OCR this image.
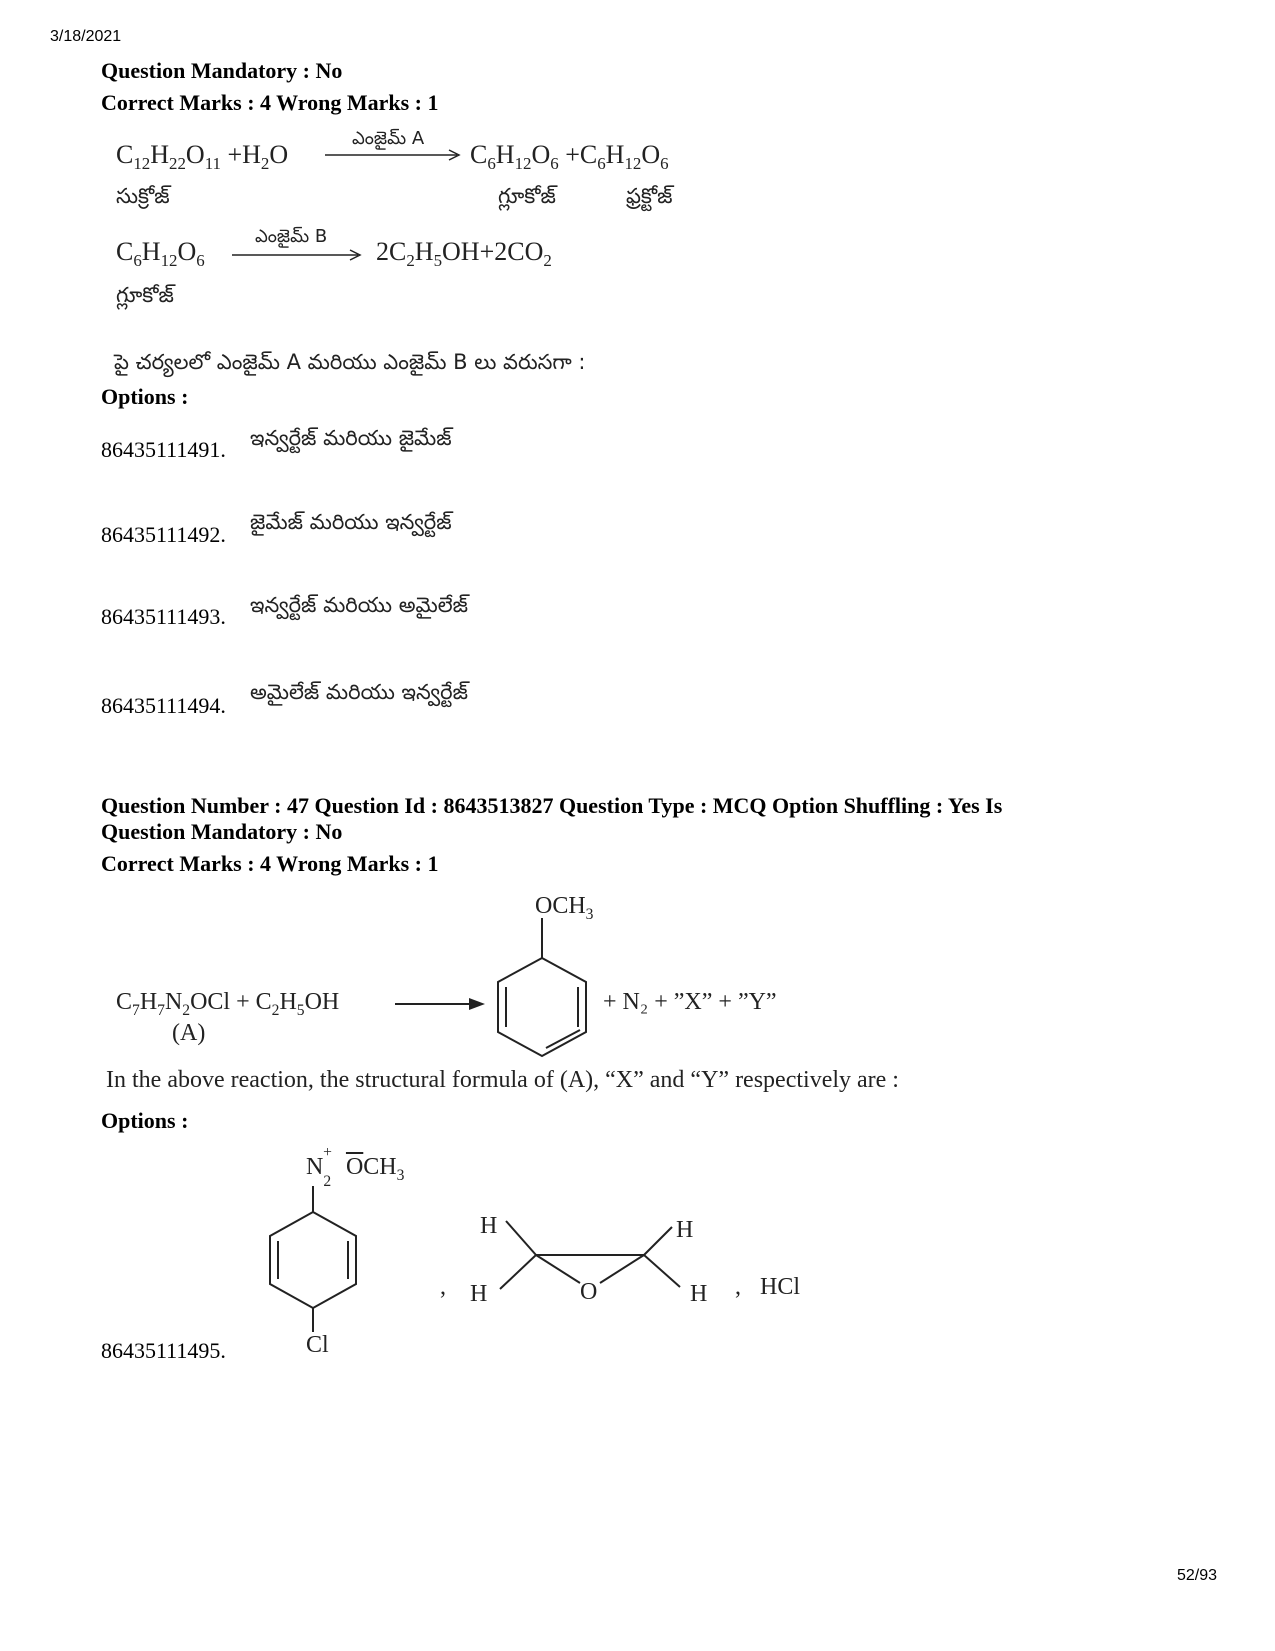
3/18/2021
Question Mandatory : No
Correct Marks : 4 Wrong Marks : 1
$C_{12}H_{22}O_{11} +H_2O$
ఎంజైమ్ A
$C_6H_{12}O_6 +C_6H_{12}O_6$
సుక్రోజ్	గ్లూకోజ్	ఫ్రక్టోజ్
$C_6H_{12}O_6$
ఎంజైమ్ B
$2C_2H_5OH+2CO_2$
గ్లూకోజ్
పై చర్యలలో ఎంజైమ్ A మరియు ఎంజైమ్ B లు వరుసగా :
Options :
86435111491. ఇన్వర్టేజ్ మరియు జైమేజ్
86435111492. జైమేజ్ మరియు ఇన్వర్టేజ్
86435111493. ఇన్వర్టేజ్ మరియు అమైలేజ్
86435111494.
అమైలేజ్ మరియు ఇన్వర్టేజ్
Question Number : 47 Question Id : 8643513827 Question Type : MCQ Option Shuffling : Yes Is
Question Mandatory : No
Correct Marks : 4 Wrong Marks : 1
$OCH_3$
$C_7H_7N_2OCl + C_2H_5OH$
(A)
+ N₂ + ”X” + ”Y”
In the above reaction, the structural formula of (A), “X” and “Y” respectively are :
Options :
$N_2^+$ $\overline{O}CH_3$
Cl
,
H
H	O
H
H , HCl
86435111495.
52/93
